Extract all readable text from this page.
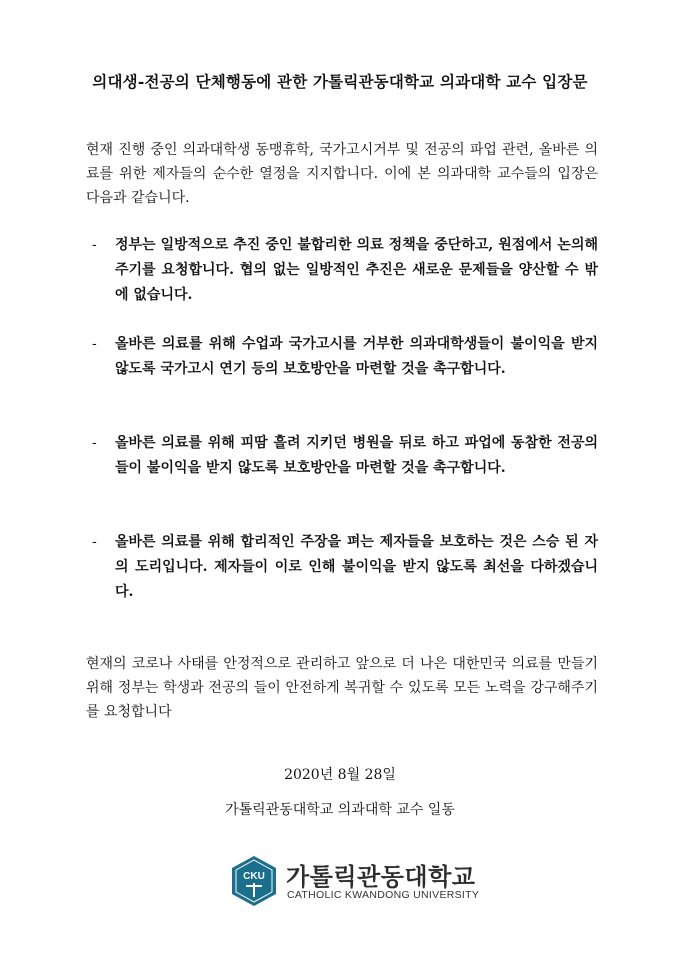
의대생-전공의 단체행동에 관한 가톨릭관동대학교 의과대학 교수 입장문
현재 진행 중인 의과대학생 동맹휴학, 국가고시거부 및 전공의 파업 관련, 올바른 의료를 위한 제자들의 순수한 열정을 지지합니다. 이에 본 의과대학 교수들의 입장은 다음과 같습니다.
- 정부는 일방적으로 추진 중인 불합리한 의료 정책을 중단하고, 원점에서 논의해주기를 요청합니다. 협의 없는 일방적인 추진은 새로운 문제들을 양산할 수 밖에 없습니다.
- 올바른 의료를 위해 수업과 국가고시를 거부한 의과대학생들이 불이익을 받지 않도록 국가고시 연기 등의 보호방안을 마련할 것을 촉구합니다.
- 올바른 의료를 위해 피땀 흘려 지키던 병원을 뒤로 하고 파업에 동참한 전공의들이 불이익을 받지 않도록 보호방안을 마련할 것을 촉구합니다.
- 올바른 의료를 위해 합리적인 주장을 펴는 제자들을 보호하는 것은 스승 된 자의 도리입니다. 제자들이 이로 인해 불이익을 받지 않도록 최선을 다하겠습니다.
현재의 코로나 사태를 안정적으로 관리하고 앞으로 더 나은 대한민국 의료를 만들기 위해 정부는 학생과 전공의 들이 안전하게 복귀할 수 있도록 모든 노력을 강구해주기를 요청합니다
2020년 8월 28일
가톨릭관동대학교 의과대학 교수 일동
CKU 가톨릭관동대학교
CATHOLIC KWANDONG UNIVERSITY
